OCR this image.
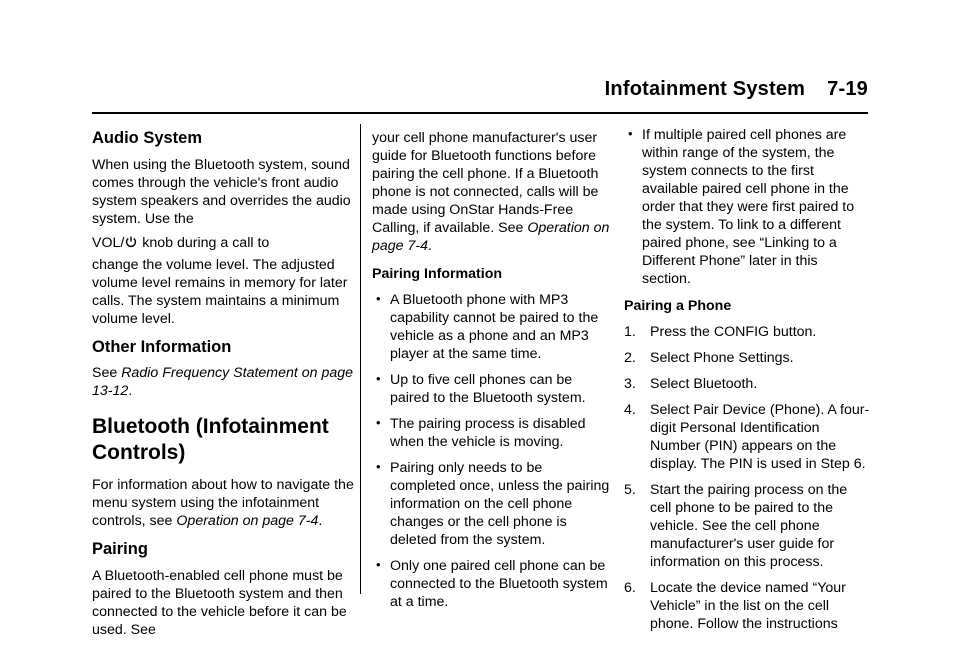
Infotainment System 7-19
Audio System

When using the Bluetooth system, sound comes through the vehicle's front audio system speakers and overrides the audio system. Use the
VOL/ knob during a call to
change the volume level. The adjusted volume level remains in memory for later calls. The system maintains a minimum volume level.

Other Information

See Radio Frequency Statement on page 13-12.

Bluetooth (Infotainment Controls)

For information about how to navigate the menu system using the infotainment controls, see Operation on page 7-4.

Pairing

A Bluetooth-enabled cell phone must be paired to the Bluetooth system and then connected to the vehicle before it can be used. See

your cell phone manufacturer's user guide for Bluetooth functions before pairing the cell phone. If a Bluetooth phone is not connected, calls will be made using OnStar Hands-Free Calling, if available. See Operation on page 7-4.

Pairing Information
• A Bluetooth phone with MP3 capability cannot be paired to the vehicle as a phone and an MP3 player at the same time.
• Up to five cell phones can be paired to the Bluetooth system.
• The pairing process is disabled when the vehicle is moving.
• Pairing only needs to be completed once, unless the pairing information on the cell phone changes or the cell phone is deleted from the system.
• Only one paired cell phone can be connected to the Bluetooth system at a time.
• If multiple paired cell phones are within range of the system, the system connects to the first available paired cell phone in the order that they were first paired to the system. To link to a different paired phone, see “Linking to a Different Phone” later in this section.
Pairing a Phone
1. Press the CONFIG button.
2. Select Phone Settings.
3. Select Bluetooth.
4. Select Pair Device (Phone). A four-digit Personal Identification Number (PIN) appears on the display. The PIN is used in Step 6.
5. Start the pairing process on the cell phone to be paired to the vehicle. See the cell phone manufacturer's user guide for information on this process.
6. Locate the device named “Your Vehicle” in the list on the cell phone. Follow the instructions
